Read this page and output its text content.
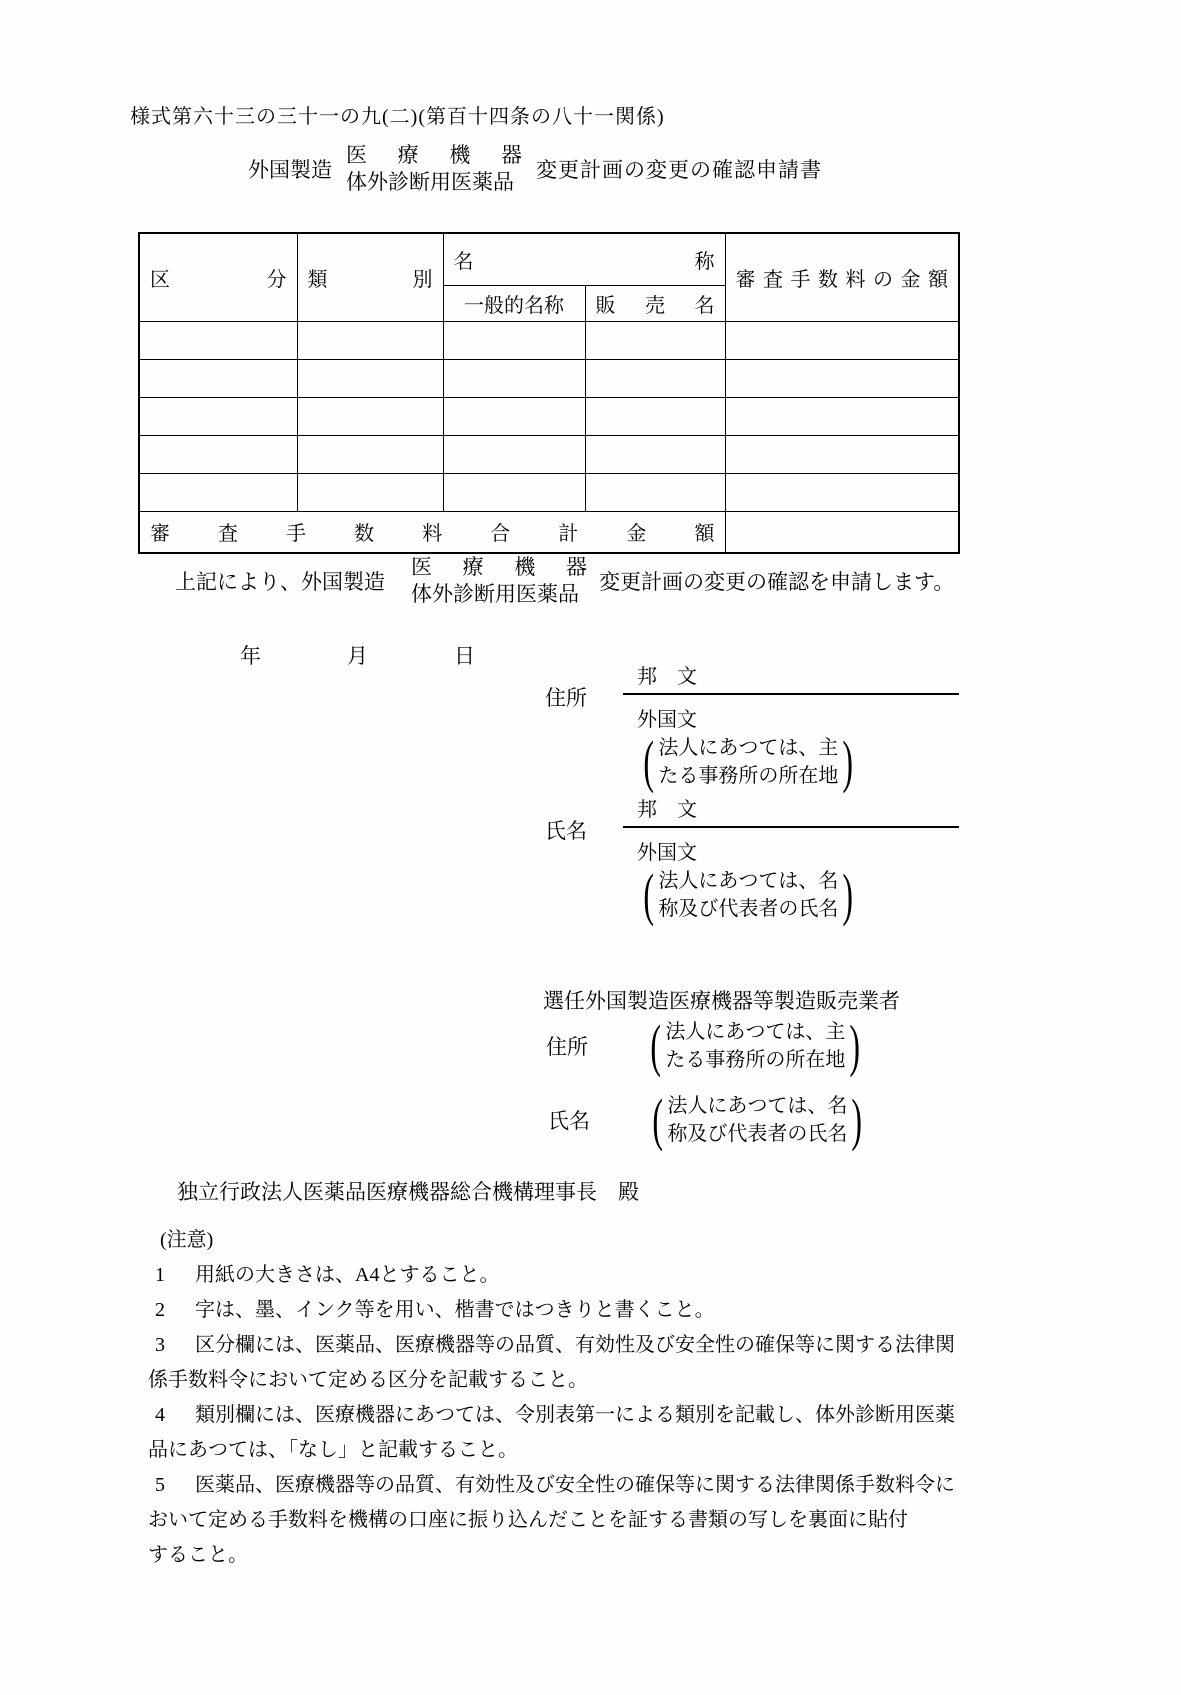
様式第六十三の三十一の九(二)(第百十四条の八十一関係)
外国製造
医療機器
体外診断用医薬品	変更計画の変更の確認申請書
区分	類別	名称		審査手数料の金額
		一般的名称	販売名	

審査手数料合計金額				
上記により、外国製造
医療機器
体外診断用医薬品 変更計画の変更の確認を申請します。
年	月	日
住所
邦　文
外国文
( 法人にあつては、主
たる事務所の所在地 )
氏名
邦　文
外国文
( 法人にあつては、名
称及び代表者の氏名 )
選任外国製造医療機器等製造販売業者
住所	( 法人にあつては、主
たる事務所の所在地 )
氏名	( 法人にあつては、名
称及び代表者の氏名 )
独立行政法人医薬品医療機器総合機構理事長　殿
(注意)
1 用紙の大きさは、A4とすること。
2 字は、墨、インク等を用い、楷書ではつきりと書くこと。
3 区分欄には、医薬品、医療機器等の品質、有効性及び安全性の確保等に関する法律関
係手数料令において定める区分を記載すること。
4 類別欄には、医療機器にあつては、令別表第一による類別を記載し、体外診断用医薬
品にあつては、「なし」と記載すること。
5 医薬品、医療機器等の品質、有効性及び安全性の確保等に関する法律関係手数料令に
おいて定める手数料を機構の口座に振り込んだことを証する書類の写しを裏面に貼付
すること。
